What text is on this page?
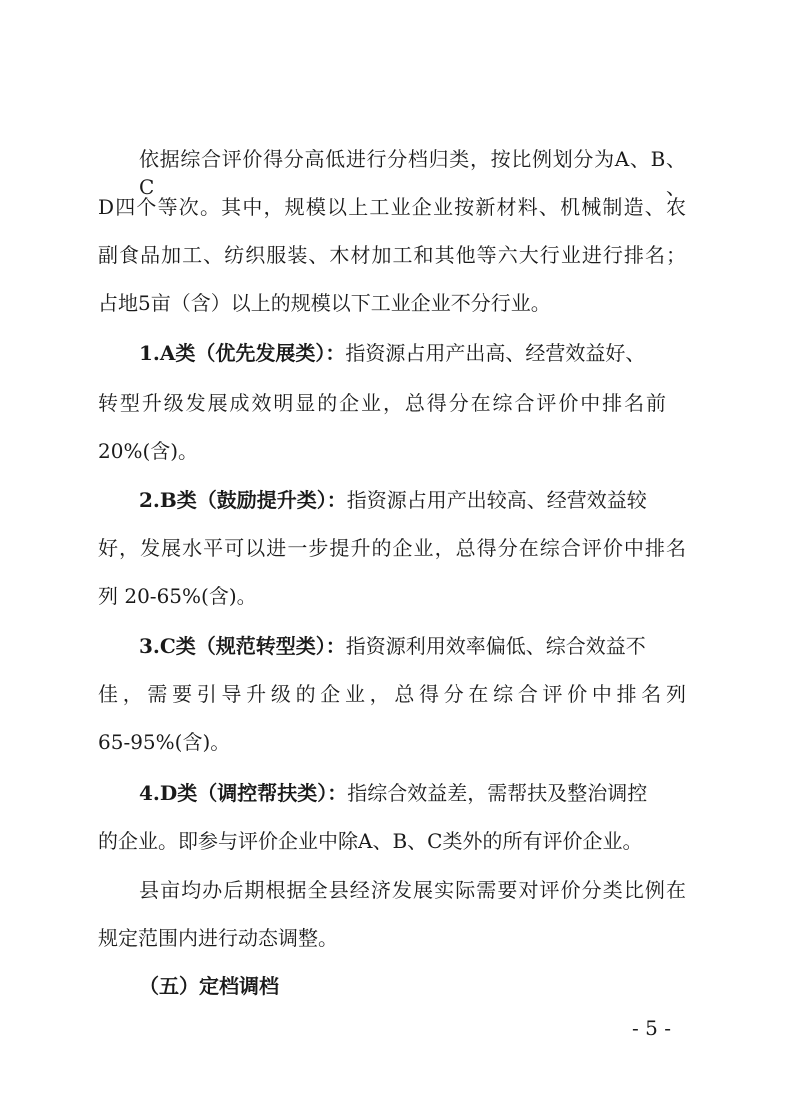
依据综合评价得分高低进行分档归类，按比例划分为A、B、C、
D四个等次。其中，规模以上工业企业按新材料、机械制造、农
副食品加工、纺织服装、木材加工和其他等六大行业进行排名；
占地5亩（含）以上的规模以下工业企业不分行业。
1.A类（优先发展类）：指资源占用产出高、经营效益好、
转型升级发展成效明显的企业，总得分在综合评价中排名前
20%(含)。
2.B类（鼓励提升类）：指资源占用产出较高、经营效益较
好，发展水平可以进一步提升的企业，总得分在综合评价中排名
列 20-65%(含)。
3.C类（规范转型类）：指资源利用效率偏低、综合效益不
佳，需要引导升级的企业，总得分在综合评价中排名列
65-95%(含)。
4.D类（调控帮扶类）：指综合效益差，需帮扶及整治调控
的企业。即参与评价企业中除A、B、C类外的所有评价企业。
县亩均办后期根据全县经济发展实际需要对评价分类比例在
规定范围内进行动态调整。
（五）定档调档
- 5 -
